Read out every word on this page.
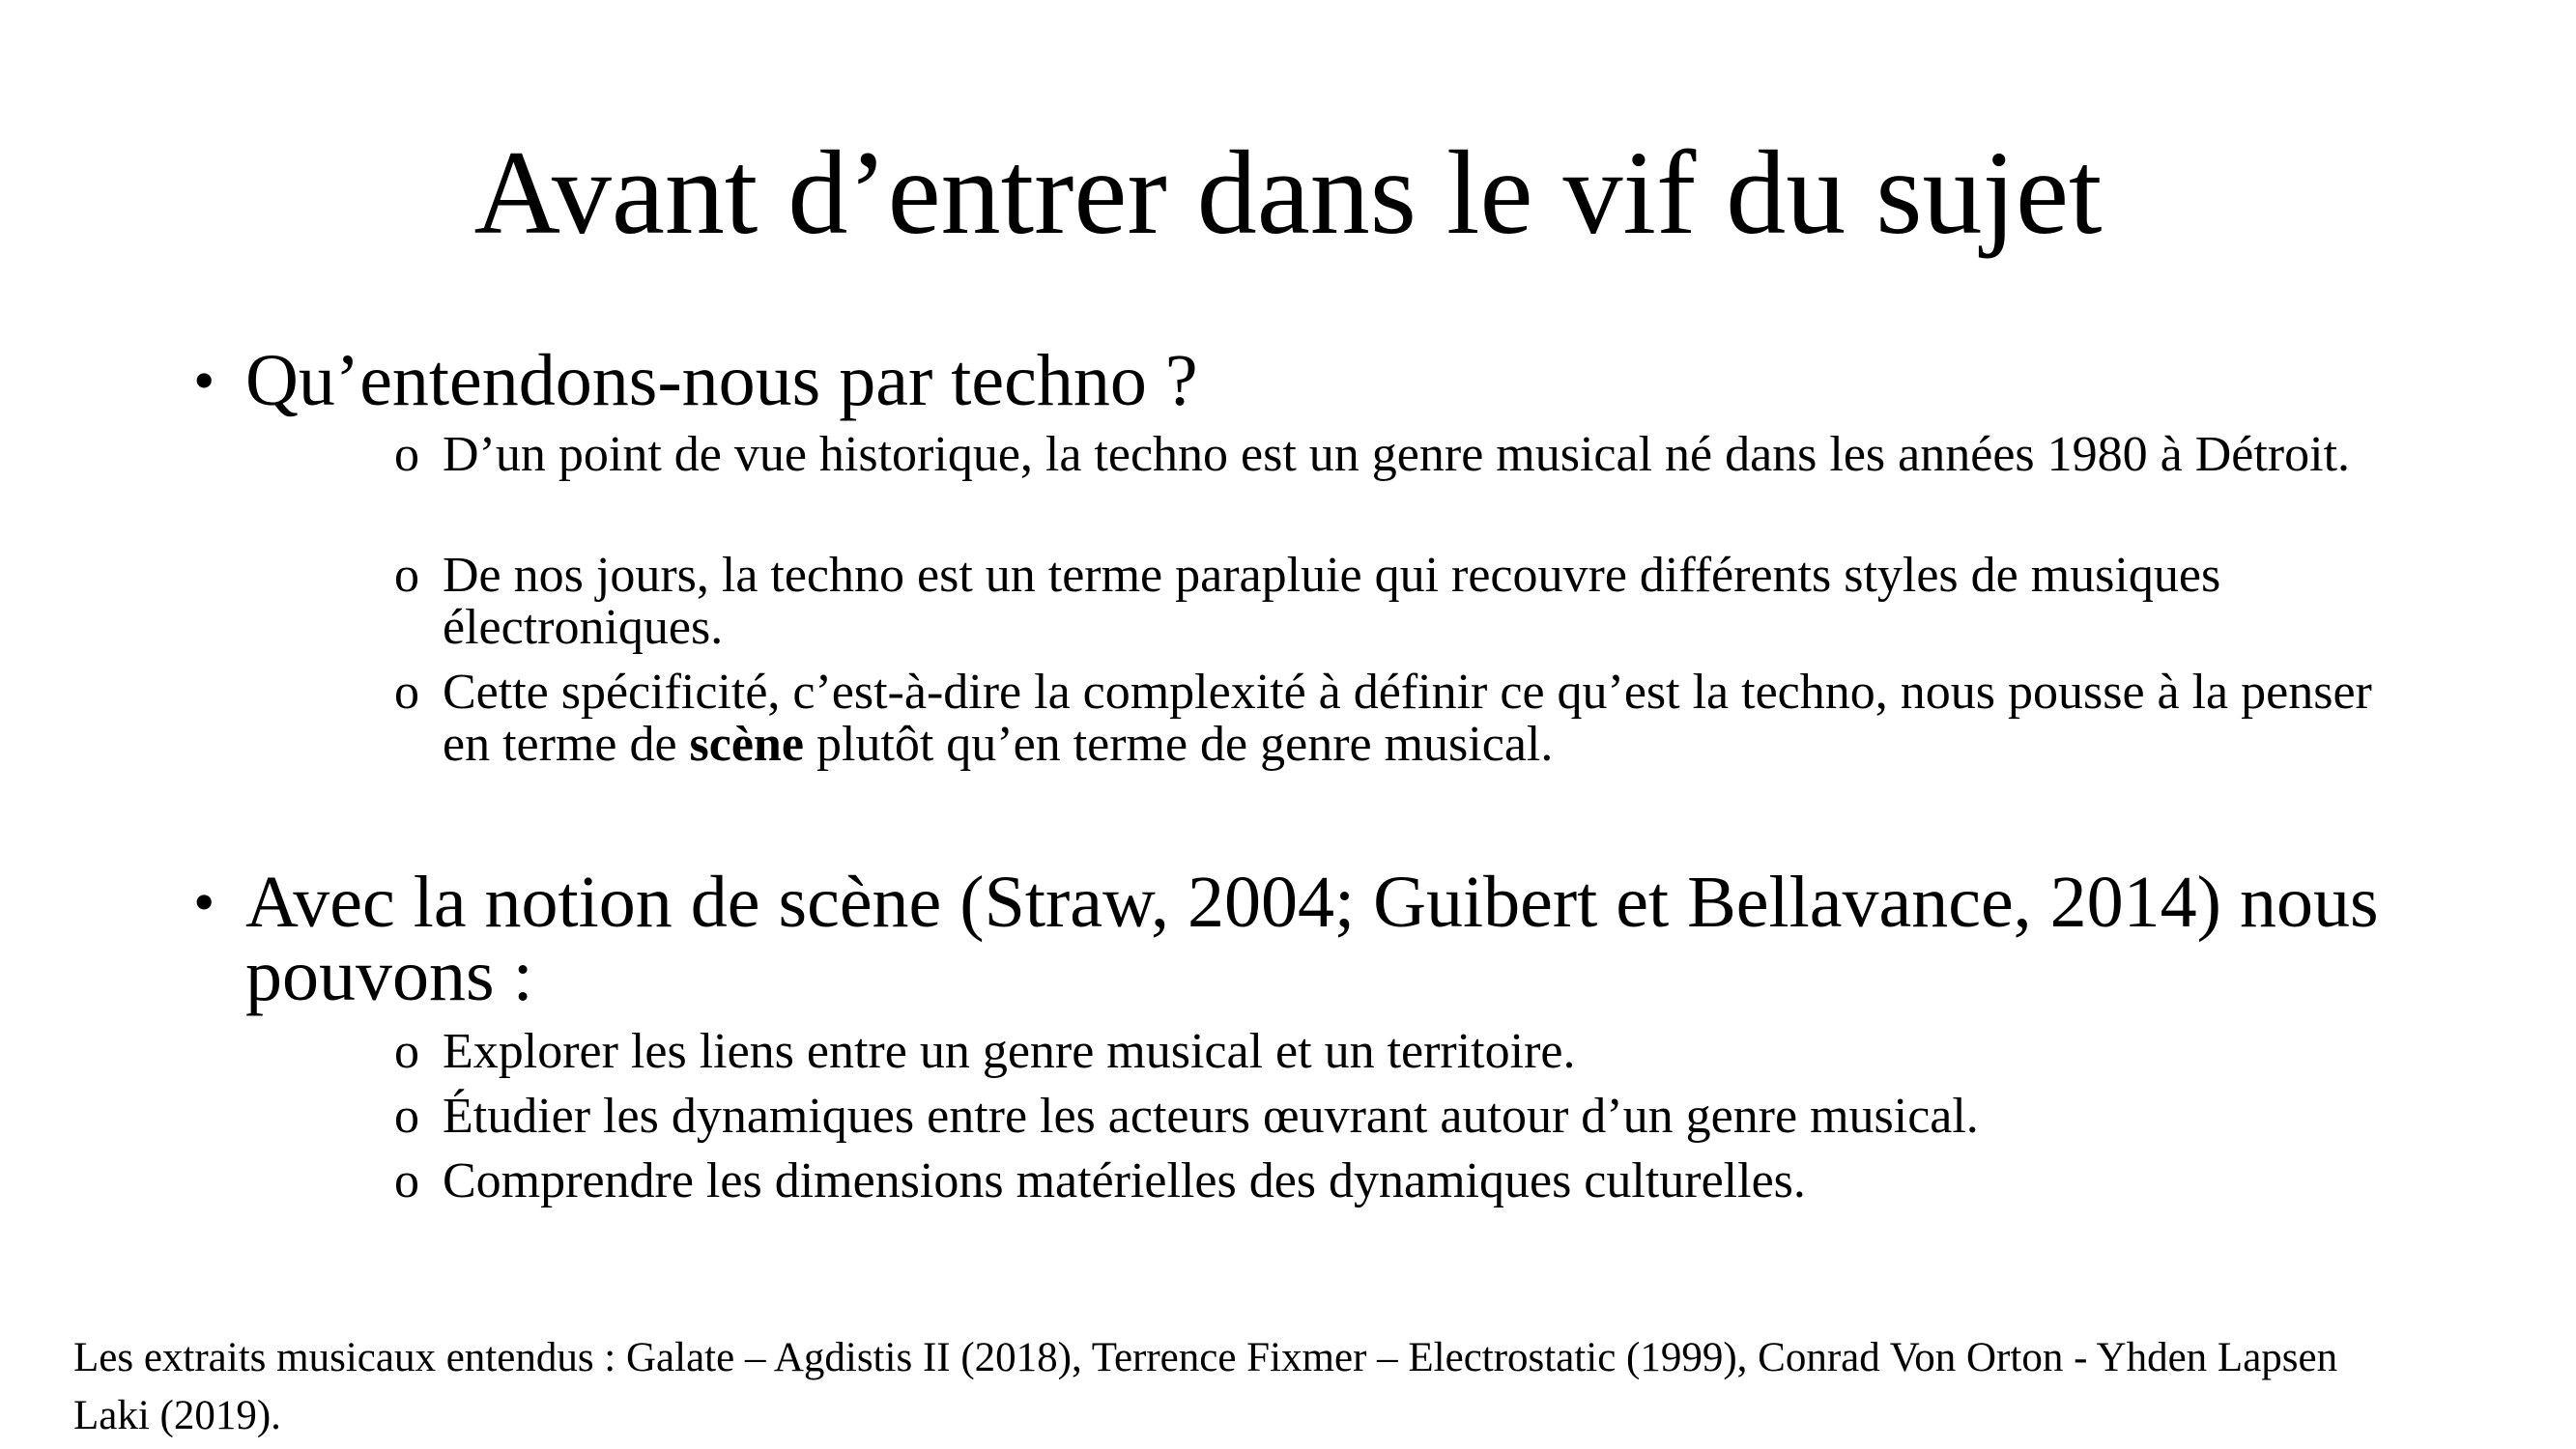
Avant d’entrer dans le vif du sujet
• Qu’entendons-nous par techno ?
o D’un point de vue historique, la techno est un genre musical né dans les années 1980 à Détroit.
o De nos jours, la techno est un terme parapluie qui recouvre différents styles de musiques électroniques.
o Cette spécificité, c’est-à-dire la complexité à définir ce qu’est la techno, nous pousse à la penser en terme de scène plutôt qu’en terme de genre musical.
• Avec la notion de scène (Straw, 2004; Guibert et Bellavance, 2014) nous pouvons :
o Explorer les liens entre un genre musical et un territoire.
o Étudier les dynamiques entre les acteurs œuvrant autour d’un genre musical.
o Comprendre les dimensions matérielles des dynamiques culturelles.
Les extraits musicaux entendus : Galate – Agdistis II (2018), Terrence Fixmer – Electrostatic (1999), Conrad Von Orton - Yhden Lapsen Laki (2019).
